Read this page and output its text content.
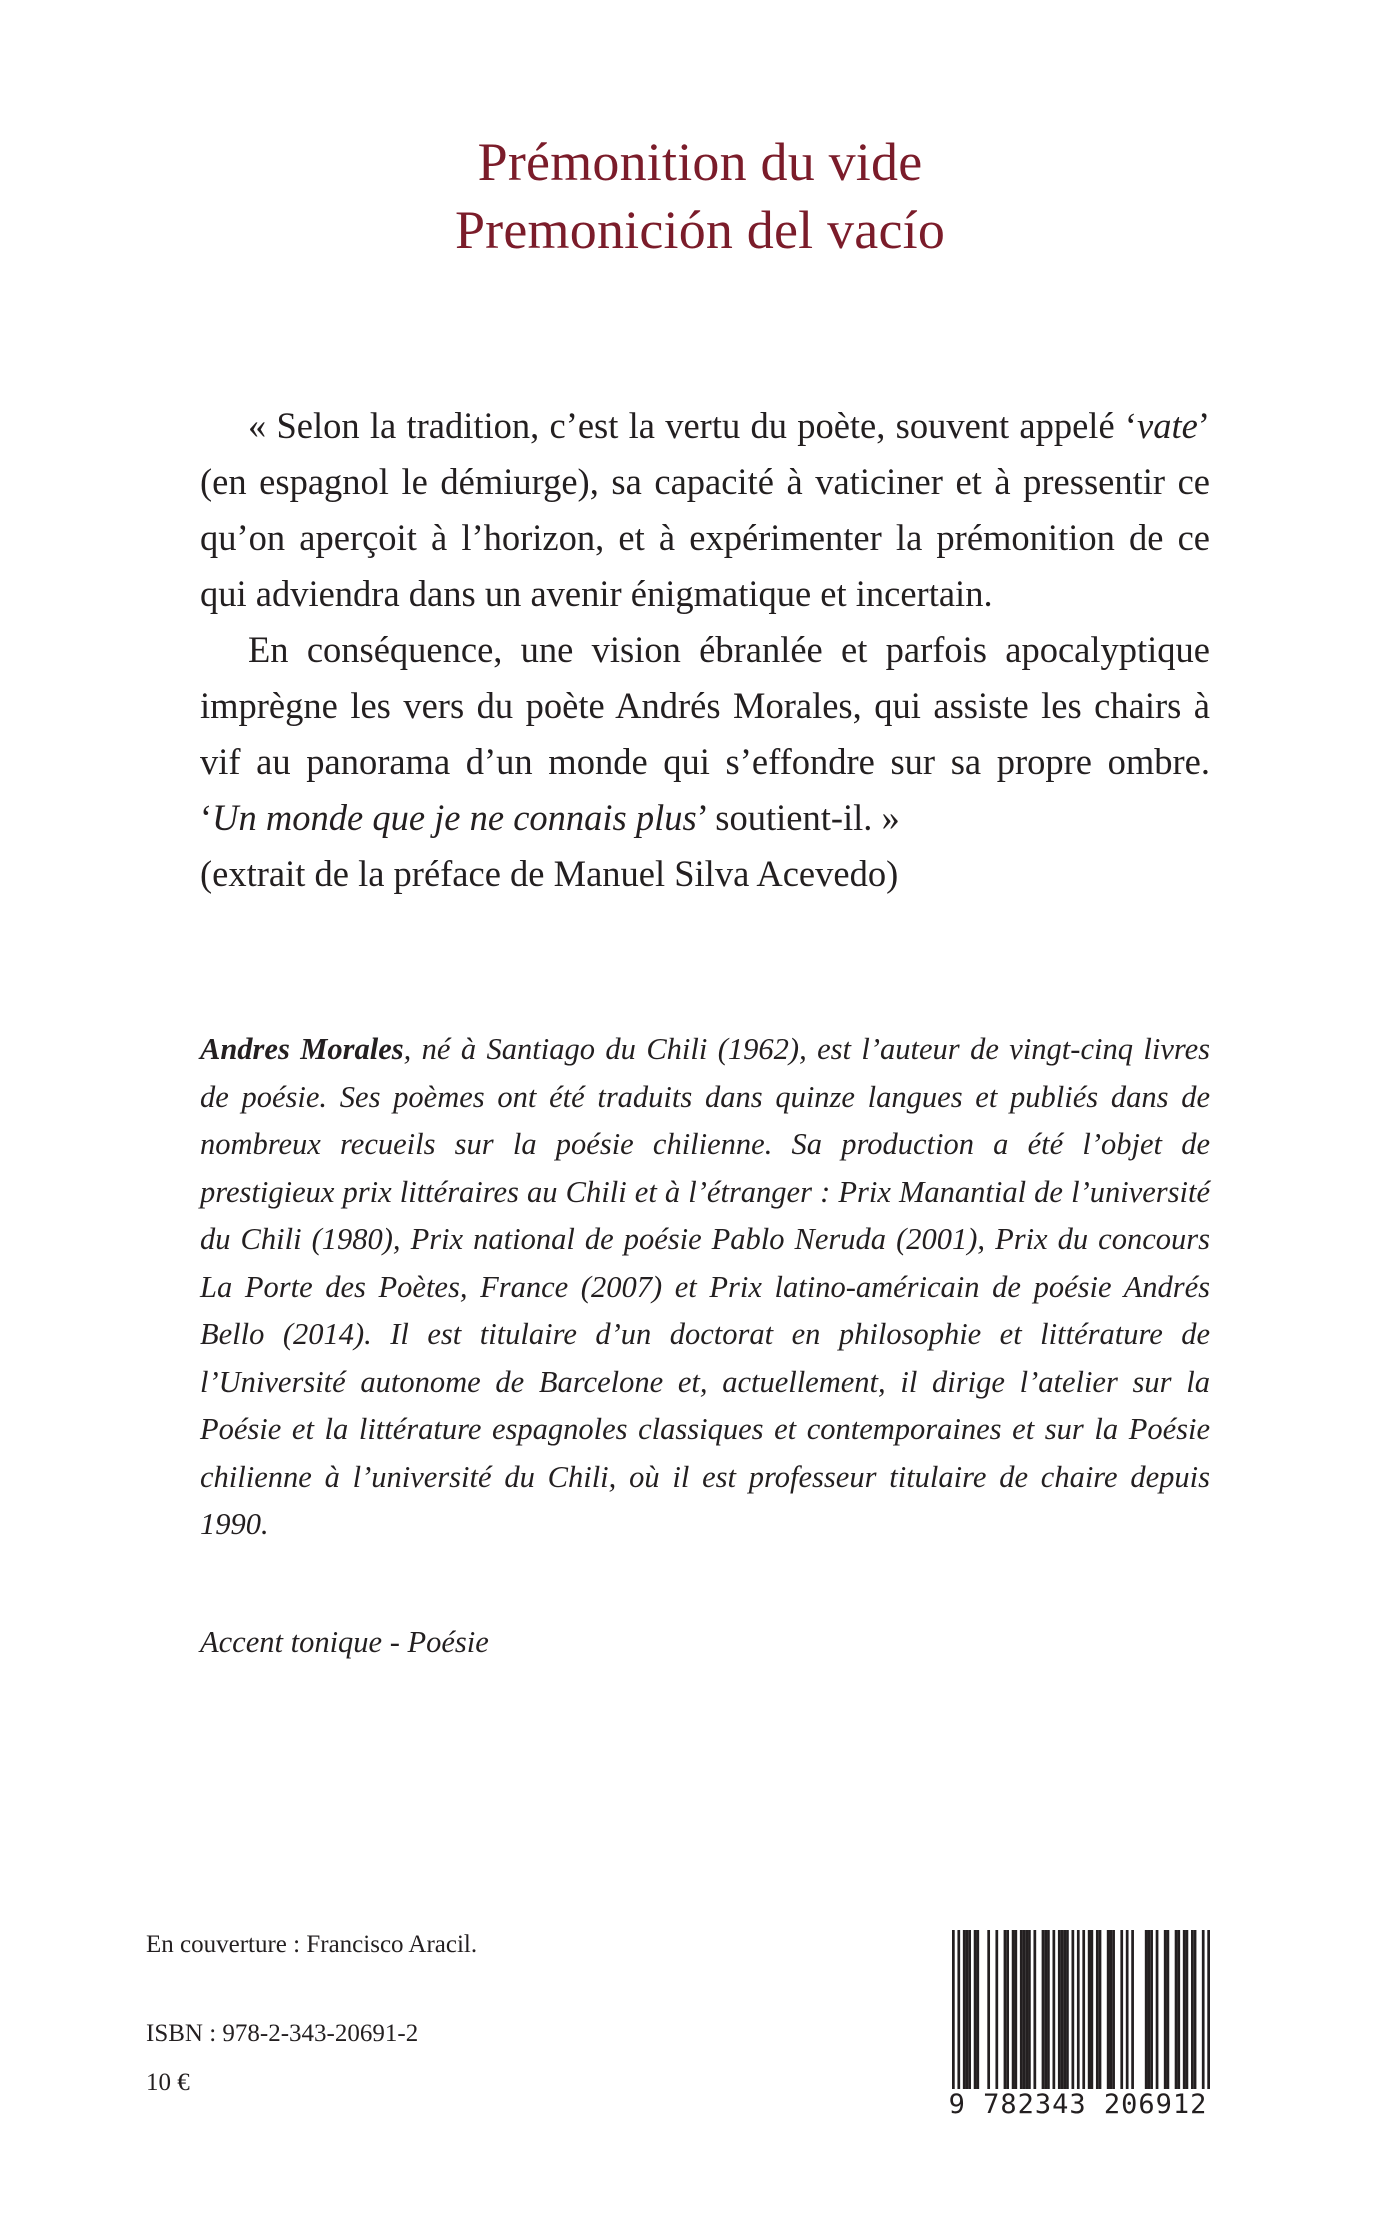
Prémonition du vide
Premonición del vacío

« Selon la tradition, c’est la vertu du poète, souvent appelé ‘vate’ (en espagnol le démiurge), sa capacité à vaticiner et à pressentir ce qu’on aperçoit à l’horizon, et à expérimenter la prémonition de ce qui adviendra dans un avenir énigmatique et incertain.

En conséquence, une vision ébranlée et parfois apocalyptique imprègne les vers du poète Andrés Morales, qui assiste les chairs à vif au panorama d’un monde qui s’effondre sur sa propre ombre. ‘Un monde que je ne connais plus’ soutient-il. »

(extrait de la préface de Manuel Silva Acevedo)

Andres Morales, né à Santiago du Chili (1962), est l’auteur de vingt-cinq livres de poésie. Ses poèmes ont été traduits dans quinze langues et publiés dans de nombreux recueils sur la poésie chilienne. Sa production a été l’objet de prestigieux prix littéraires au Chili et à l’étranger : Prix Manantial de l’université du Chili (1980), Prix national de poésie Pablo Neruda (2001), Prix du concours La Porte des Poètes, France (2007) et Prix latino-américain de poésie Andrés Bello (2014). Il est titulaire d’un doctorat en philosophie et littérature de l’Université autonome de Barcelone et, actuellement, il dirige l’atelier sur la Poésie et la littérature espagnoles classiques et contemporaines et sur la Poésie chilienne à l’université du Chili, où il est professeur titulaire de chaire depuis 1990.

Accent tonique - Poésie
En couverture : Francisco Aracil.
ISBN : 978-2-343-20691-2
10 €
9 782343 206912
